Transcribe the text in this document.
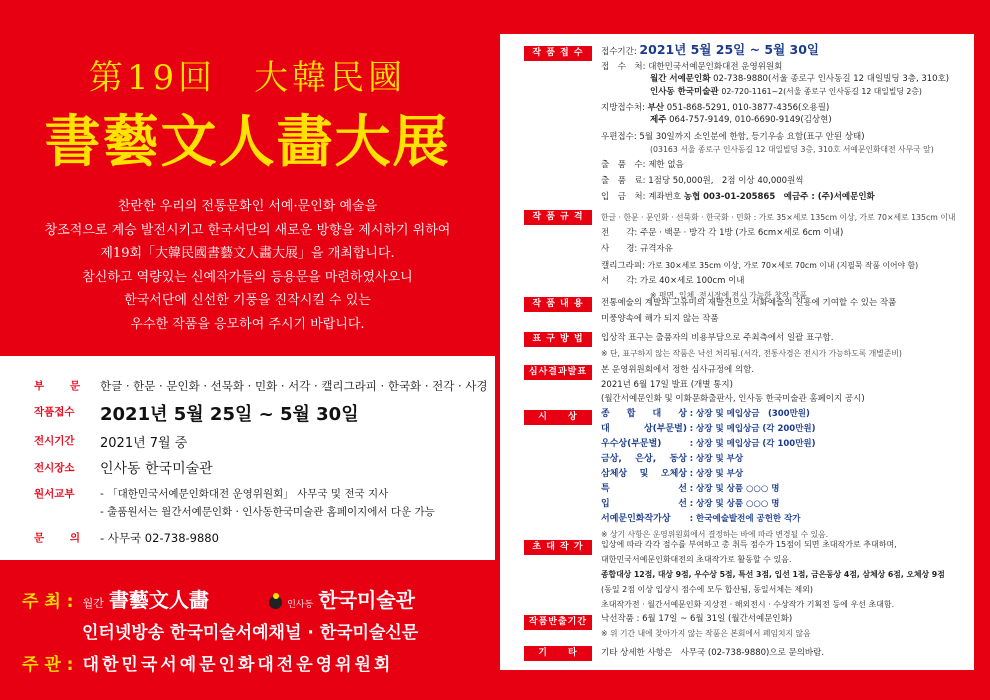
第19回　大韓民國
書藝文人畵大展
찬란한 우리의 전통문화인 서예·문인화 예술을
창조적으로 계승 발전시키고 한국서단의 새로운 방향을 제시하기 위하여
제19회「大韓民國書藝文人畵大展」을 개최합니다.
참신하고 역량있는 신예작가들의 등용문을 마련하였사오니
한국서단에 신선한 기풍을 진작시킬 수 있는
우수한 작품을 응모하여 주시기 바랍니다.
부　문 한글 · 한문 · 문인화 · 선묵화 · 민화 · 서각 · 캘리그라피 · 한국화 · 전각 · 사경
작품접수	2021년 5월 25일 ~ 5월 30일
전시기간	2021년 7월 중
전시장소	인사동 한국미술관
원서교부	- 「대한민국서예문인화대전 운영위원회」 사무국 및 전국 지사
- 출품원서는 월간서예문인화 · 인사동한국미술관 홈페이지에서 다운 가능
문　의 - 사무국 02-738-9880
주 최 : 월간 書藝文人畵	인사동 한국미술관
인터넷방송 한국미술서예채널 · 한국미술신문
주 관 : 대한민국서예문인화대전운영위원회
작 품 접 수	접수기간: 2021년 5월 25일 ~ 5월 30일
접　수　처: 대한민국서예문인화대전 운영위원회
월간 서예문인화 02-738-9880(서울 종로구 인사동길 12 대일빌딩 3층, 310호)
인사동 한국미술관 02-720-1161~2(서울 종로구 인사동길 12 대일빌딩 2층)
지방접수처: 부산 051-868-5291, 010-3877-4356(오용필)
제주 064-757-9149, 010-6690-9149(김상현)
우편접수: 5월 30일까지 소인분에 한함, 등기우송 요함(표구 안된 상태)
(03163 서울 종로구 인사동길 12 대일빌딩 3층, 310호 서예문인화대전 사무국 앞)
출　품　수: 제한 없음
출　품　료: 1점당 50,000원,　2점 이상 40,000원씩
입　금　처: 계좌번호 농협 003-01-205865　예금주 : (주)서예문인화
작 품 규 격	한글 · 한문 · 문인화 · 선묵화 · 한국화 · 민화 : 가로 35×세로 135cm 이상, 가로 70×세로 135cm 이내
전　　각: 주문 · 백문 · 방각 각 1방 (가로 6cm×세로 6cm 이내)
사　　경: 규격자유
캘리그라피: 가로 30×세로 35cm 이상, 가로 70×세로 70cm 이내 (지필묵 작품 이어야 함)
서　　각: 가로 40×세로 100cm 이내
※ 평면, 입체, 전시장에 전시 가능한 창작 작품
작 품 내 용	전통예술의 계발과 고유미의 재발견으로 서화예술의 진흥에 기여할 수 있는 작품
미풍양속에 해가 되지 않는 작품
표 구 방 법	입상작 표구는 출품자의 비용부담으로 주최측에서 일괄 표구함.
※ 단, 표구하지 않는 작품은 낙선 처리됨.(서각, 전통사경은 전시가 가능하도록 개별준비)
심사결과발표	본 운영위원회에서 정한 심사규정에 의함.
2021년 6월 17일 발표 (개별 통지)
(월간서예문인화 및 이화문화출판사, 인사동 한국미술관 홈페이지 공시)
시　　상	종　합　대　상 : 상장 및 메입상금　(300만원)
대　상(부문별) : 상장 및 메입상금 (각 200만원)
우수상(부문별)	: 상장 및 메입상금 (각 100만원)
금상, 은상, 동상 : 상장 및 부상
삼체상 및 오체상 : 상장 및 부상
특　　　　선 : 상장 및 상품 ○○○ 명
입　　　　선 : 상장 및 상품 ○○○ 명
서예문인화작가상 : 한국예술발전에 공헌한 작가
※ 상기 사항은 운영위원회에서 결정하는 바에 따라 변경될 수 있음.
초 대 작 가	입상에 따라 각각 점수를 부여하고 총 취득 점수가 15점이 되면 초대작가로 추대하며,
대한민국서예문인화대전의 초대작가로 활동할 수 있음.
종합대상 12점, 대상 9점, 우수상 5점, 특선 3점, 입선 1점, 금은동상 4점, 삼체상 6점, 오체상 9점
(동일 2점 이상 입상시 점수에 모두 합산됨, 동일서체는 제외)
초대작가전 · 월간서예문인화 지상전 · 해외전시 · 수상작가 기획전 등에 우선 초대함.
작품반출기간	낙선작품 : 6월 17일 ~ 6월 31일 (월간서예문인화)
※ 위 기간 내에 찾아가지 않는 작품은 본회에서 폐임치지 않음
기　　타	기타 상세한 사항은　사무국 (02-738-9880)으로 문의바람.
